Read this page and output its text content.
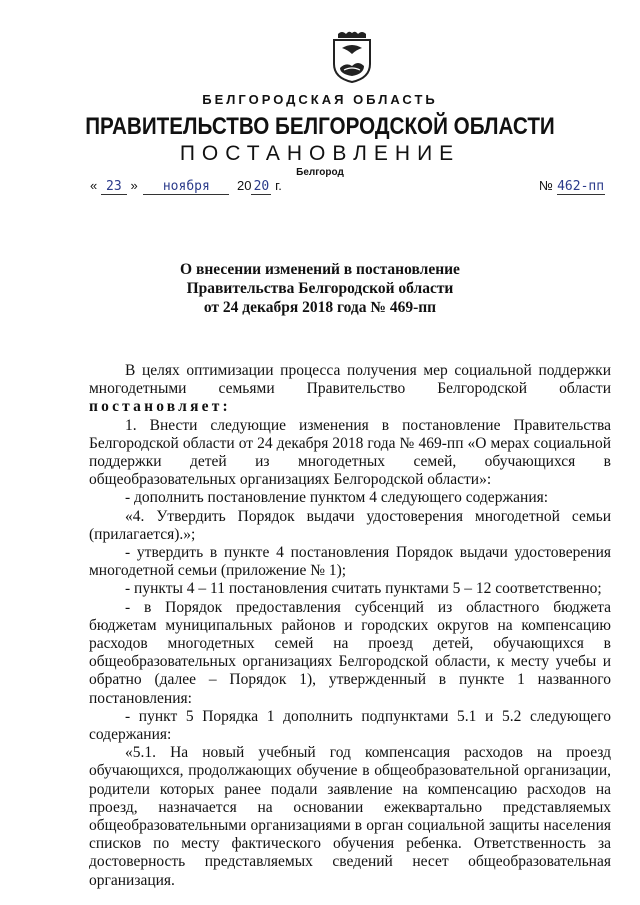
БЕЛГОРОДСКАЯ ОБЛАСТЬ
ПРАВИТЕЛЬСТВО БЕЛГОРОДСКОЙ ОБЛАСТИ
ПОСТАНОВЛЕНИЕ
Белгород
« 23 » ноября 20 20 г.	№ 462-пп
О внесении изменений в постановление
Правительства Белгородской области
от 24 декабря 2018 года № 469-пп

В целях оптимизации процесса получения мер социальной поддержки многодетными семьями Правительство Белгородской области

постановляет:

1. Внести следующие изменения в постановление Правительства Белгородской области от 24 декабря 2018 года № 469-пп «О мерах социальной поддержки детей из многодетных семей, обучающихся в общеобразовательных организациях Белгородской области»:

- дополнить постановление пунктом 4 следующего содержания:

«4. Утвердить Порядок выдачи удостоверения многодетной семьи (прилагается).»;

- утвердить в пункте 4 постановления Порядок выдачи удостоверения многодетной семьи (приложение № 1);

- пункты 4 – 11 постановления считать пунктами 5 – 12 соответственно;

- в Порядок предоставления субсенций из областного бюджета бюджетам муниципальных районов и городских округов на компенсацию расходов многодетных семей на проезд детей, обучающихся в общеобразовательных организациях Белгородской области, к месту учебы и обратно (далее – Порядок 1), утвержденный в пункте 1 названного постановления:

- пункт 5 Порядка 1 дополнить подпунктами 5.1 и 5.2 следующего содержания:

«5.1. На новый учебный год компенсация расходов на проезд обучающихся, продолжающих обучение в общеобразовательной организации, родители которых ранее подали заявление на компенсацию расходов на проезд, назначается на основании ежеквартально представляемых общеобразовательными организациями в орган социальной защиты населения списков по месту фактического обучения ребенка. Ответственность за достоверность представляемых сведений несет общеобразовательная организация.
